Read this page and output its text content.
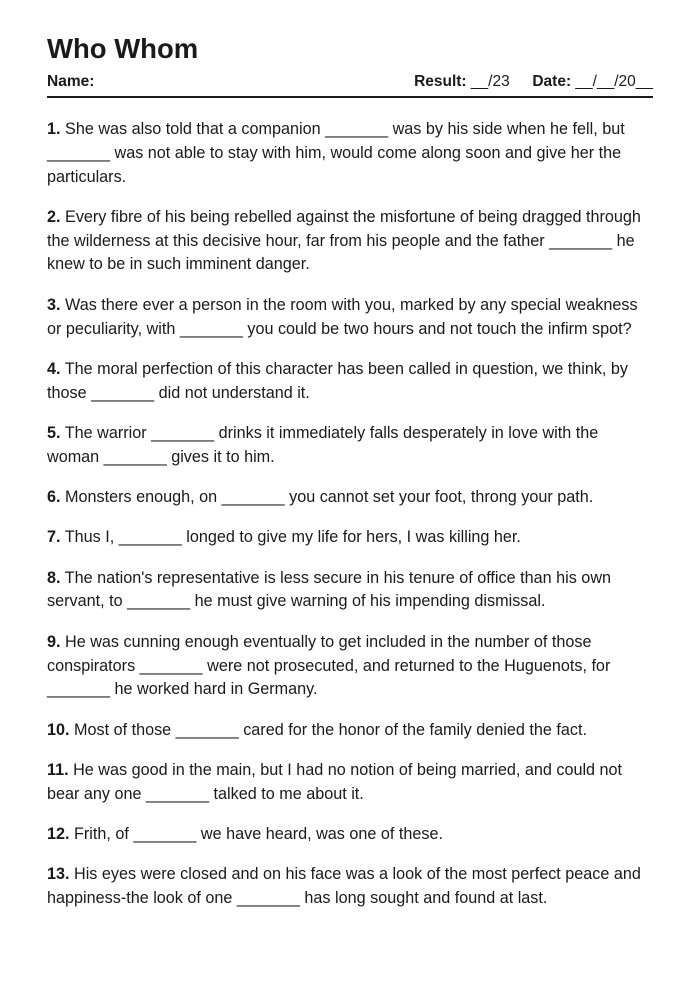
Who Whom
Name:	Result: __/23 Date: __/__/20__

1. She was also told that a companion _______ was by his side when he fell, but _______ was not able to stay with him, would come along soon and give her the particulars.

2. Every fibre of his being rebelled against the misfortune of being dragged through the wilderness at this decisive hour, far from his people and the father _______ he knew to be in such imminent danger.

3. Was there ever a person in the room with you, marked by any special weakness or peculiarity, with _______ you could be two hours and not touch the infirm spot?

4. The moral perfection of this character has been called in question, we think, by those _______ did not understand it.

5. The warrior _______ drinks it immediately falls desperately in love with the woman _______ gives it to him.

6. Monsters enough, on _______ you cannot set your foot, throng your path.

7. Thus I, _______ longed to give my life for hers, I was killing her.

8. The nation's representative is less secure in his tenure of office than his own servant, to _______ he must give warning of his impending dismissal.

9. He was cunning enough eventually to get included in the number of those conspirators _______ were not prosecuted, and returned to the Huguenots, for _______ he worked hard in Germany.

10. Most of those _______ cared for the honor of the family denied the fact.

11. He was good in the main, but I had no notion of being married, and could not bear any one _______ talked to me about it.

12. Frith, of _______ we have heard, was one of these.

13. His eyes were closed and on his face was a look of the most perfect peace and happiness-the look of one _______ has long sought and found at last.
